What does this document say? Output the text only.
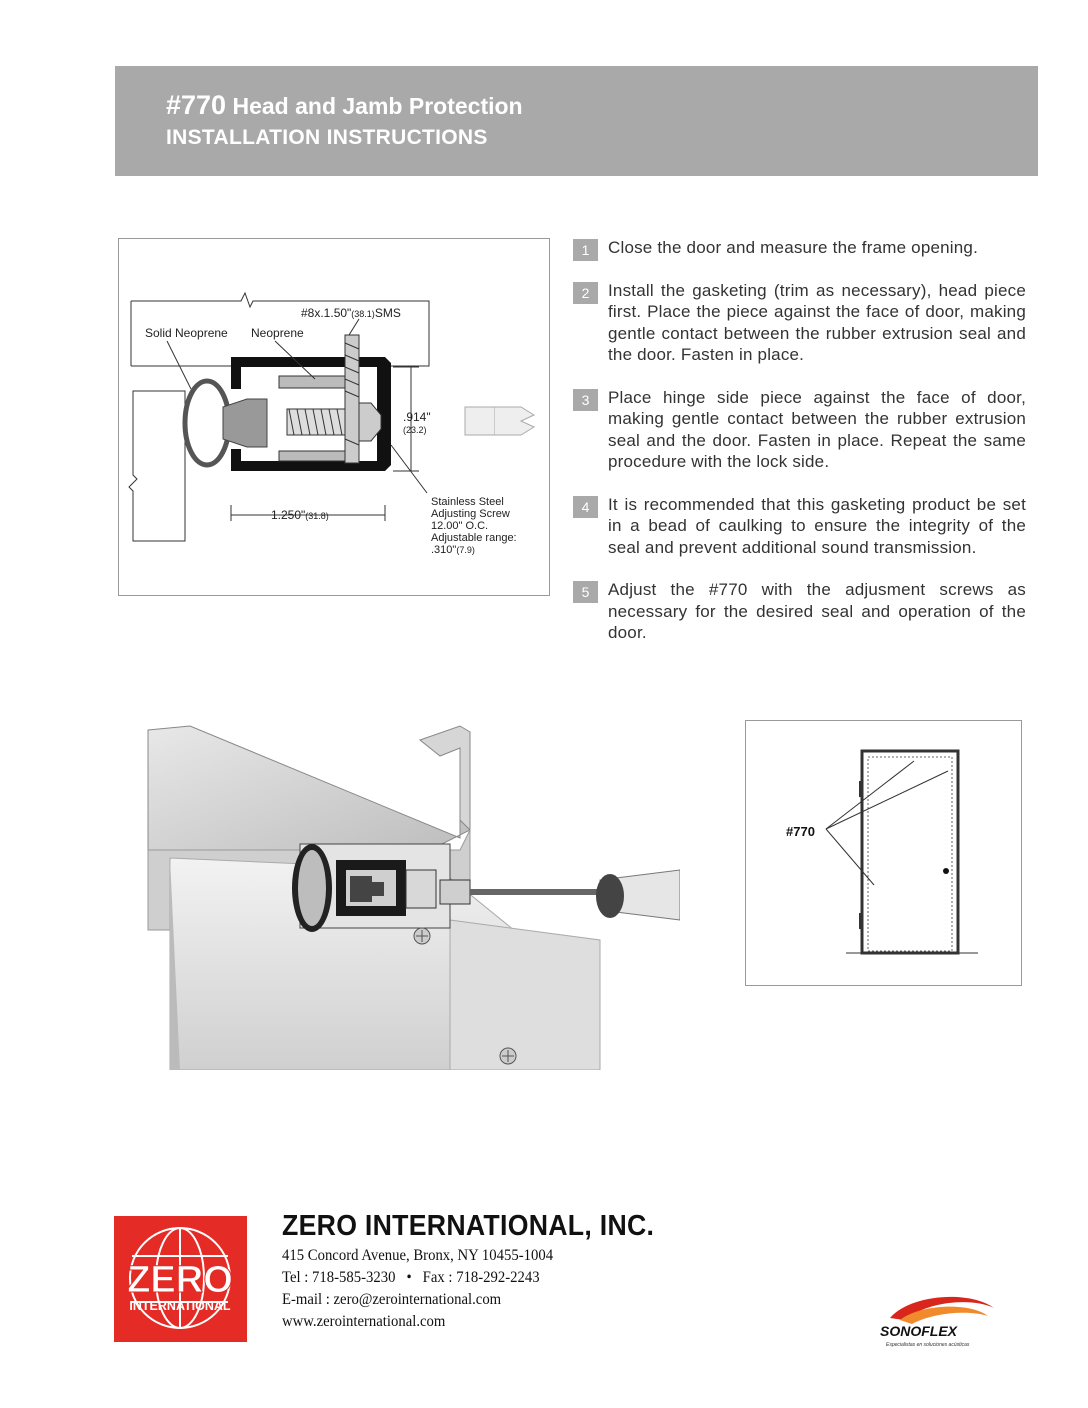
#770 Head and Jamb Protection
INSTALLATION INSTRUCTIONS
#8x.1.50"(38.1)SMS
Solid Neoprene Neoprene
.914"
(23.2)
1.250"(31.8)
Stainless Steel
Adjusting Screw
12.00" O.C.
Adjustable range:
.310"(7.9)
1	Close the door and measure the frame opening.
2	Install the gasketing (trim as necessary), head piece first. Place the piece against the face of door, making gentle contact between the rubber extrusion seal and the door. Fasten in place.
3	Place hinge side piece against the face of door, making gentle contact between the rubber extrusion seal and the door. Fasten in place. Repeat the same procedure with the lock side.
4	It is recommended that this gasketing product be set in a bead of caulking to ensure the integrity of the seal and prevent additional sound transmission.
5	Adjust the #770 with the adjusment screws as necessary for the desired seal and operation of the door.
#770
ZERO
INTERNATIONAL
ZERO INTERNATIONAL, INC.
415 Concord Avenue, Bronx, NY 10455-1004
Tel : 718-585-3230   •   Fax : 718-292-2243
E-mail : zero@zerointernational.com
www.zerointernational.com
SONOFLEX
Especialistas en soluciones acústicas
